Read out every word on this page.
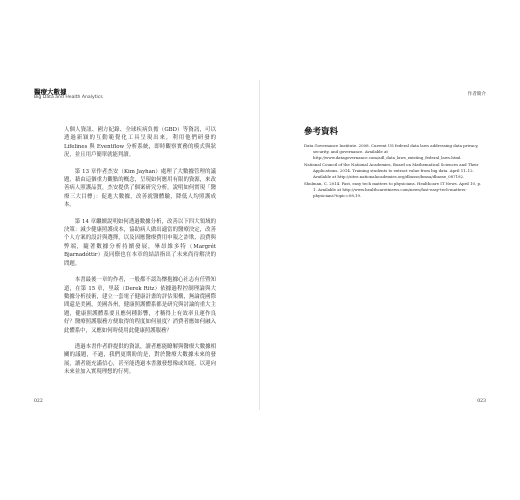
醫療大數據
Big Data and Health Analytics

人個人資訊、國方紀錄、全球疾病負擔（GBD）等資訊，可以透過新穎的互動範覺化工具呈現出來，利用他們研發的 Lifelines 與 Eventflow 分析系統，即時觀察實務的模式與狀況，並且用戶簡單就能判讀。

第 13 章作者杰安（Kim Jayhan）處理了大數據管理的議題，藉由這個重力觀點的概念，呈現如何應用有限的資源，來改善病人照護品質，杰安提供了個案研究分析，說明如何實現「醫療三大目標」：促進大數據，改善就醫體驗，降低人均照護成本。

第 14 章繼續說明如何透過數據分析，改善以下四大領域的決策：減少健康照護成本，協助病人做出適當的醫療決定，改善个人方案的設計與選擇，以及因應醫療費用申報之詐欺、浪費與弊端，隨著數據分析持續發展，畢昂維多特（Margrét Bjarnadóttir）及同僚也在本章的結語指出了未來尚待解決的問題。

本書最後一章的作者，一般都不認為懷抱據心社志有任暨知道，在第 15 章，里茲（Derek Ritz）依據過程控制理論與大數據分析技術，建立一套電子健康計畫的評估架構，無論從國際間還是美國，美國各州，健康照護體系都是研究與討論的重大主題，健康照護體系要且應何種影響，才稱得上有效率且運作良好？醫療照護服務方便取得的程度如何量度？消費者應如何融入此體系中，又應如何時使用此健康照護服務？

透過本書作者群提供的資訊，讀者應能瞭解與醫療大數據相關的議題，不過，我們更期盼的是，對於醫療大數據未來的發展，讀者能充滿信心，甚至能透過本書激發想像或知能，以迎向未來並加入實現理想的行列。

022
作者簡介
參考資料
Data Governance Institute. 2008. Current US federal data laws addressing data privacy, security, and governance. Available at http://www.datagovernance.com/adl_data_laws_existing_federal_laws.html.
National Council of the National Academies, Board on Mathematical Sciences and Their Applications. 2014. Training students to extract value from big data. April 11–12. Available at http://sites.nationalacademies.org/dbasse/bmsa/dbasse_087192.
Shulman, C. 2014. Fast, easy tech matters to physicians. Healthcare IT News. April 10, p. 1. Available at http://www.healthcareitnews.com/news/fast-easy-tech-matters-physicians?topic=08,19.
023
